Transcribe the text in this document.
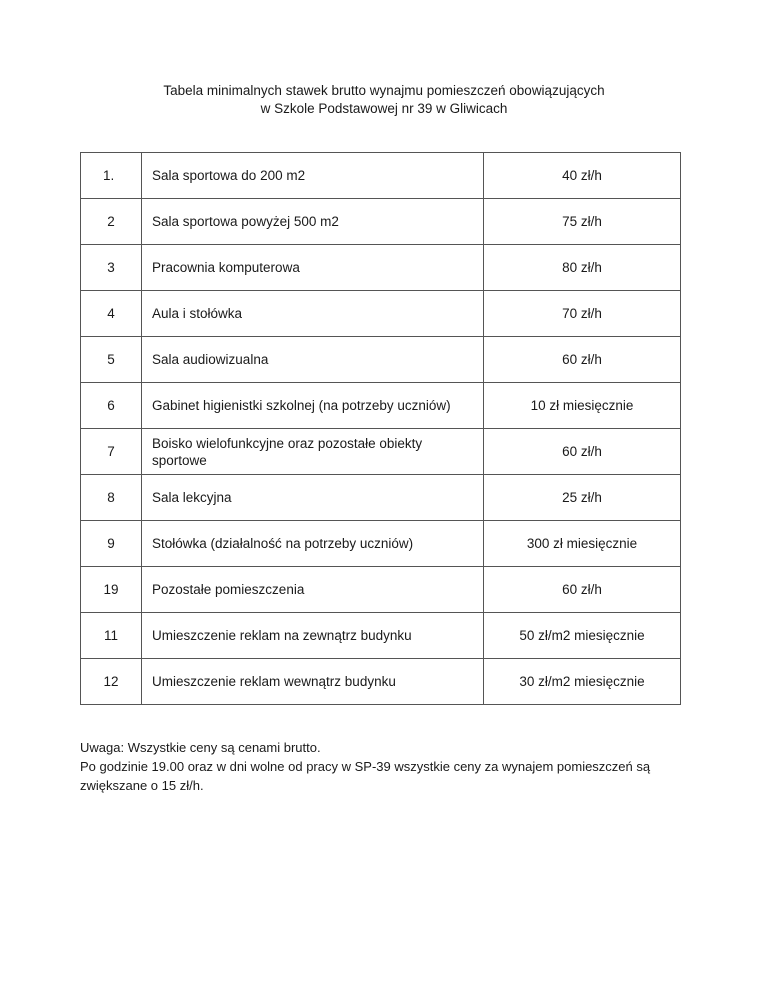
Tabela minimalnych stawek brutto wynajmu pomieszczeń obowiązujących
w Szkole Podstawowej nr 39 w Gliwicach
1.	Sala sportowa do 200 m2	40 zł/h
2	Sala sportowa powyżej 500 m2	75 zł/h
3	Pracownia komputerowa	80 zł/h
4	Aula i stołówka	70 zł/h
5	Sala audiowizualna	60 zł/h
6	Gabinet higienistki szkolnej (na potrzeby uczniów)	10 zł miesięcznie
7	Boisko wielofunkcyjne oraz pozostałe obiekty sportowe	60 zł/h
8	Sala lekcyjna	25 zł/h
9	Stołówka (działalność na potrzeby uczniów)	300 zł miesięcznie
19	Pozostałe pomieszczenia	60 zł/h
11	Umieszczenie reklam na zewnątrz budynku	50 zł/m2 miesięcznie
12	Umieszczenie reklam wewnątrz budynku	30 zł/m2 miesięcznie

Uwaga: Wszystkie ceny są cenami brutto.

Po godzinie 19.00 oraz w dni wolne od pracy w SP-39 wszystkie ceny za wynajem pomieszczeń są zwiększane o 15 zł/h.
